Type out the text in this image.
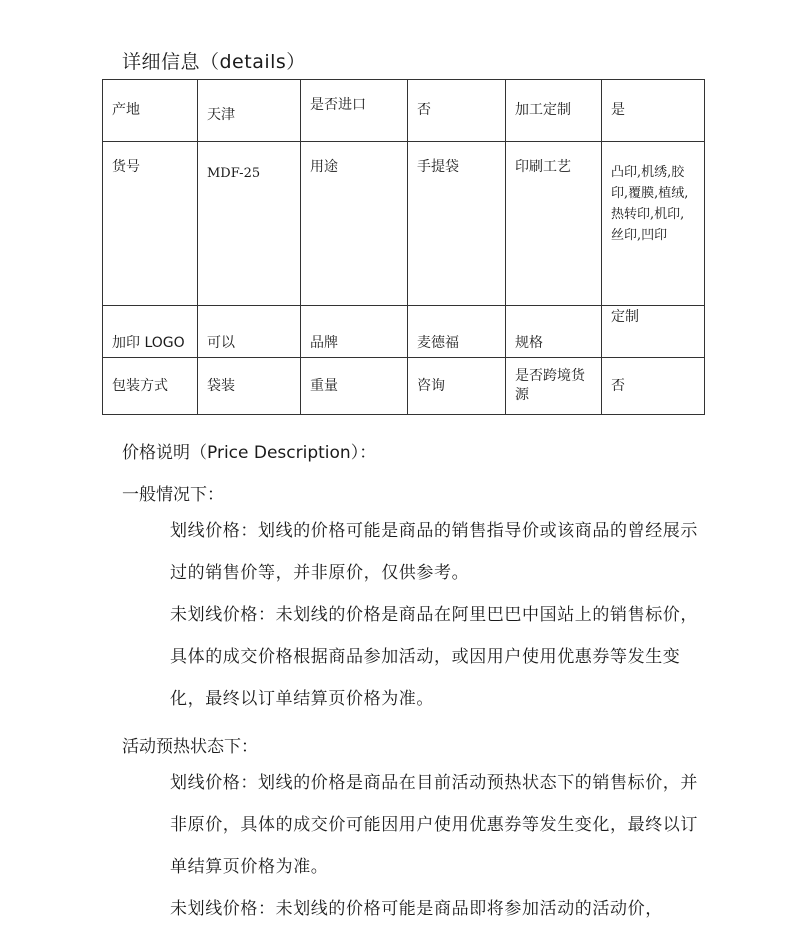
详细信息（details）
产地	天津	是否进口	否	加工定制	是
货号	MDF-25	用途	手提袋	印刷工艺	凸印,机绣,胶印,覆膜,植绒,热转印,机印,丝印,凹印
加印 LOGO	可以	品牌	麦德福	规格	定制
包装方式	袋装	重量	咨询	是否跨境货源	否
价格说明（Price Description）：
一般情况下：
划线价格：划线的价格可能是商品的销售指导价或该商品的曾经展示过的销售价等，并非原价，仅供参考。
未划线价格：未划线的价格是商品在阿里巴巴中国站上的销售标价，具体的成交价格根据商品参加活动，或因用户使用优惠券等发生变化，最终以订单结算页价格为准。
活动预热状态下：
划线价格：划线的价格是商品在目前活动预热状态下的销售标价，并非原价，具体的成交价可能因用户使用优惠券等发生变化，最终以订单结算页价格为准。
未划线价格：未划线的价格可能是商品即将参加活动的活动价，
